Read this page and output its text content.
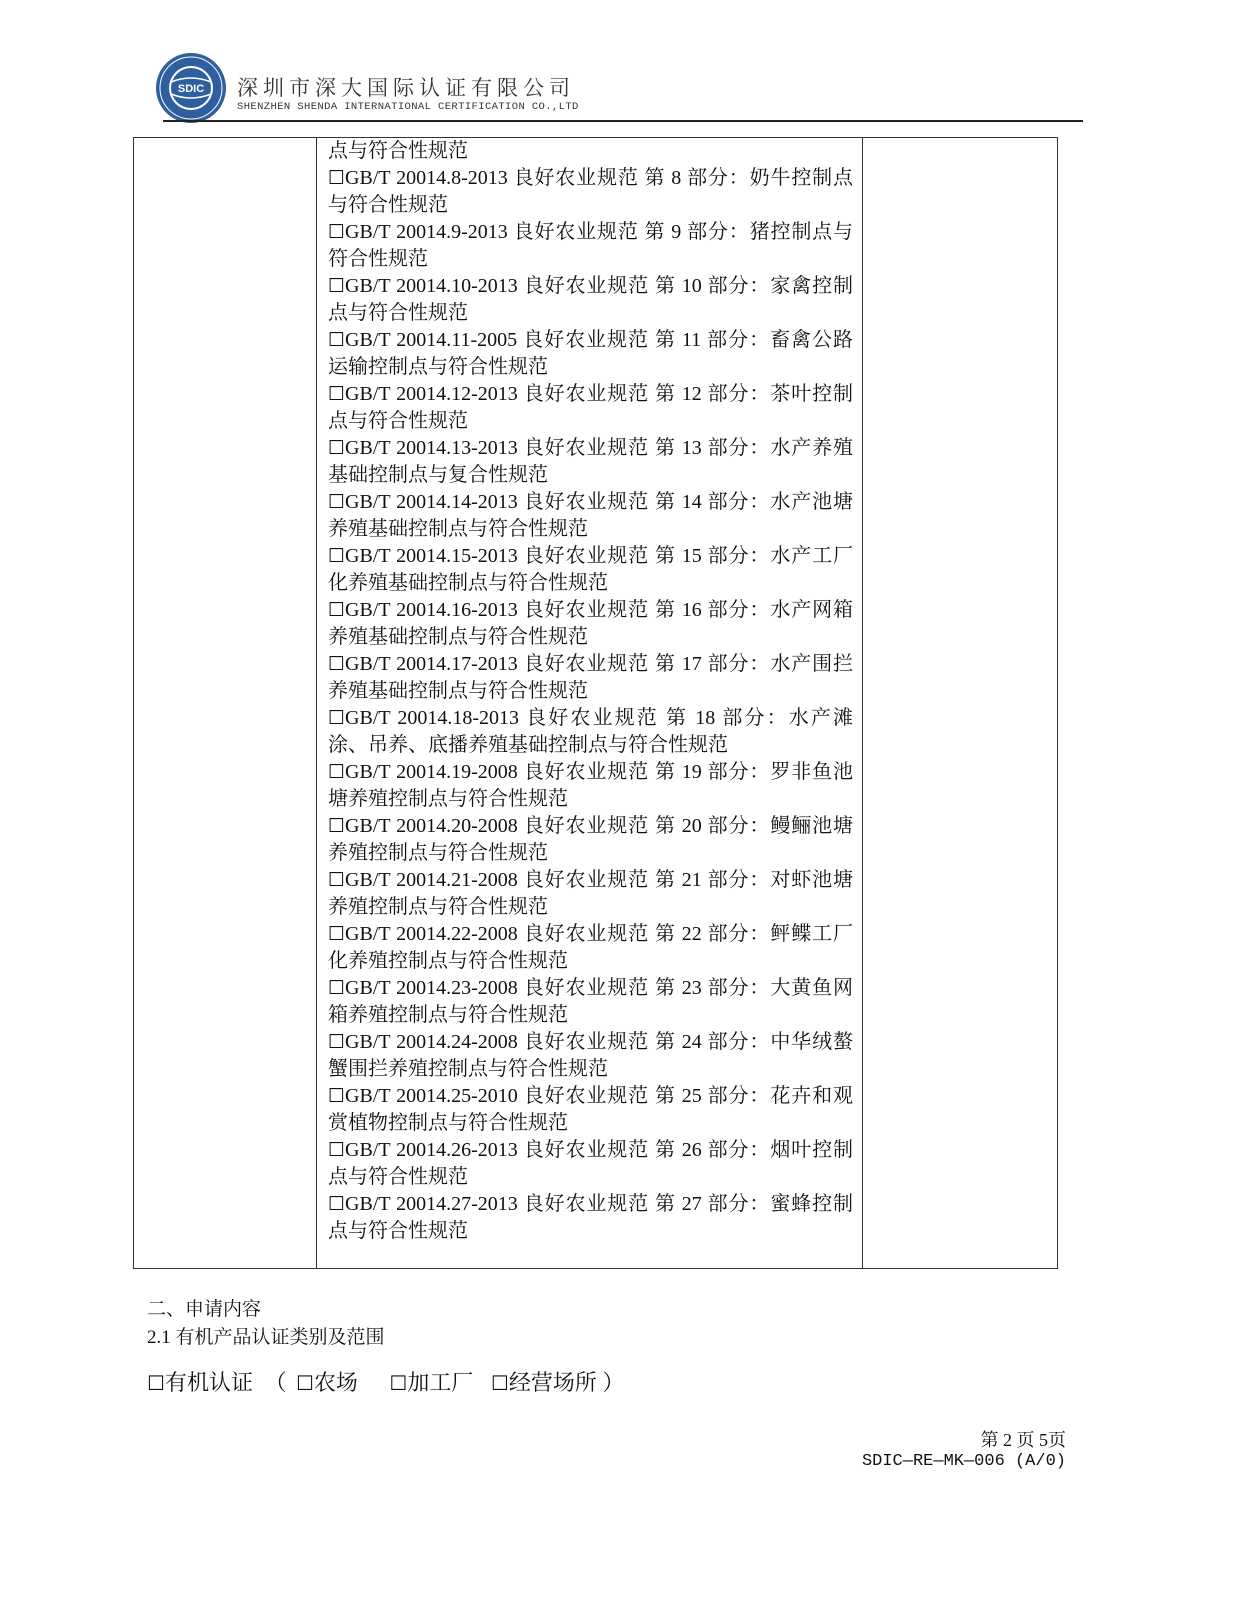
SDIC 深圳市深大国际认证有限公司
SHENZHEN SHENDA INTERNATIONAL CERTIFICATION CO.,LTD
点与符合性规范
☐GB/T 20014.8-2013 良好农业规范 第 8 部分：奶牛控制点与符合性规范
☐GB/T 20014.9-2013 良好农业规范 第 9 部分：猪控制点与符合性规范
☐GB/T 20014.10-2013 良好农业规范 第 10 部分：家禽控制点与符合性规范
☐GB/T 20014.11-2005 良好农业规范 第 11 部分：畜禽公路运输控制点与符合性规范
☐GB/T 20014.12-2013 良好农业规范 第 12 部分：茶叶控制点与符合性规范
☐GB/T 20014.13-2013 良好农业规范 第 13 部分：水产养殖基础控制点与复合性规范
☐GB/T 20014.14-2013 良好农业规范 第 14 部分：水产池塘养殖基础控制点与符合性规范
☐GB/T 20014.15-2013 良好农业规范 第 15 部分：水产工厂化养殖基础控制点与符合性规范
☐GB/T 20014.16-2013 良好农业规范 第 16 部分：水产网箱养殖基础控制点与符合性规范
☐GB/T 20014.17-2013 良好农业规范 第 17 部分：水产围拦养殖基础控制点与符合性规范
☐GB/T 20014.18-2013 良好农业规范 第 18 部分：水产滩涂、吊养、底播养殖基础控制点与符合性规范
☐GB/T 20014.19-2008 良好农业规范 第 19 部分：罗非鱼池塘养殖控制点与符合性规范
☐GB/T 20014.20-2008 良好农业规范 第 20 部分：鳗鲡池塘养殖控制点与符合性规范
☐GB/T 20014.21-2008 良好农业规范 第 21 部分：对虾池塘养殖控制点与符合性规范
☐GB/T 20014.22-2008 良好农业规范 第 22 部分：鲆鲽工厂化养殖控制点与符合性规范
☐GB/T 20014.23-2008 良好农业规范 第 23 部分：大黄鱼网箱养殖控制点与符合性规范
☐GB/T 20014.24-2008 良好农业规范 第 24 部分：中华绒螯蟹围拦养殖控制点与符合性规范
☐GB/T 20014.25-2010 良好农业规范 第 25 部分：花卉和观赏植物控制点与符合性规范
☐GB/T 20014.26-2013 良好农业规范 第 26 部分：烟叶控制点与符合性规范
☐GB/T 20014.27-2013 良好农业规范 第 27 部分：蜜蜂控制点与符合性规范
二、申请内容
2.1 有机产品认证类别及范围
☐有机认证 （ ☐农场 ☐加工厂 ☐经营场所 ）
第 2 页 5页
SDIC—RE—MK—006 (A/0)
